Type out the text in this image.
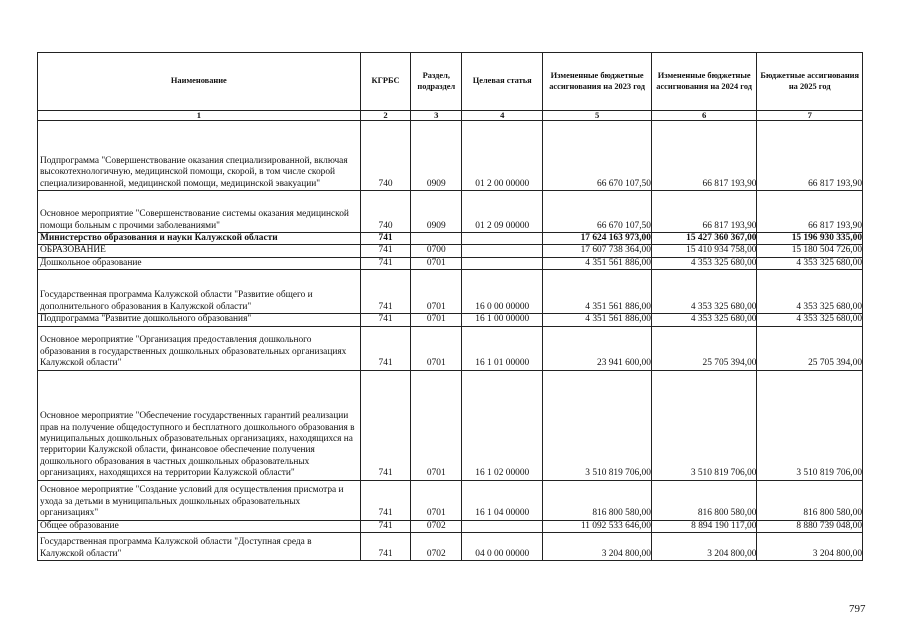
Наименование	КГРБС	Раздел, подраздел	Целевая статья	Измененные бюджетные ассигнования на 2023 год	Измененные бюджетные ассигнования на 2024 год	Бюджетные ассигнования на 2025 год
1	2	3	4	5	6	7
Подпрограмма "Совершенствование оказания специализированной, включая высокотехнологичную, медицинской помощи, скорой, в том числе скорой специализированной, медицинской помощи, медицинской эвакуации"	740	0909	01 2 00 00000	66 670 107,50	66 817 193,90	66 817 193,90
Основное мероприятие "Совершенствование системы оказания медицинской помощи больным с прочими заболеваниями"	740	0909	01 2 09 00000	66 670 107,50	66 817 193,90	66 817 193,90
Министерство образования и науки Калужской области	741			17 624 163 973,00	15 427 360 367,00	15 196 930 335,00
ОБРАЗОВАНИЕ	741	0700		17 607 738 364,00	15 410 934 758,00	15 180 504 726,00
Дошкольное образование	741	0701		4 351 561 886,00	4 353 325 680,00	4 353 325 680,00
Государственная программа Калужской области "Развитие общего и дополнительного образования в Калужской области"	741	0701	16 0 00 00000	4 351 561 886,00	4 353 325 680,00	4 353 325 680,00
Подпрограмма "Развитие дошкольного образования"	741	0701	16 1 00 00000	4 351 561 886,00	4 353 325 680,00	4 353 325 680,00
Основное мероприятие "Организация предоставления дошкольного образования в государственных дошкольных образовательных организациях Калужской области"	741	0701	16 1 01 00000	23 941 600,00	25 705 394,00	25 705 394,00
Основное мероприятие "Обеспечение государственных гарантий реализации прав на получение общедоступного и бесплатного дошкольного образования в муниципальных дошкольных образовательных организациях, находящихся на территории Калужской области, финансовое обеспечение получения дошкольного образования в частных дошкольных образовательных организациях, находящихся на территории Калужской области"	741	0701	16 1 02 00000	3 510 819 706,00	3 510 819 706,00	3 510 819 706,00
Основное мероприятие "Создание условий для осуществления присмотра и ухода за детьми в муниципальных дошкольных образовательных организациях"	741	0701	16 1 04 00000	816 800 580,00	816 800 580,00	816 800 580,00
Общее образование	741	0702		11 092 533 646,00	8 894 190 117,00	8 880 739 048,00
Государственная программа Калужской области "Доступная среда в Калужской области"	741	0702	04 0 00 00000	3 204 800,00	3 204 800,00	3 204 800,00
797
